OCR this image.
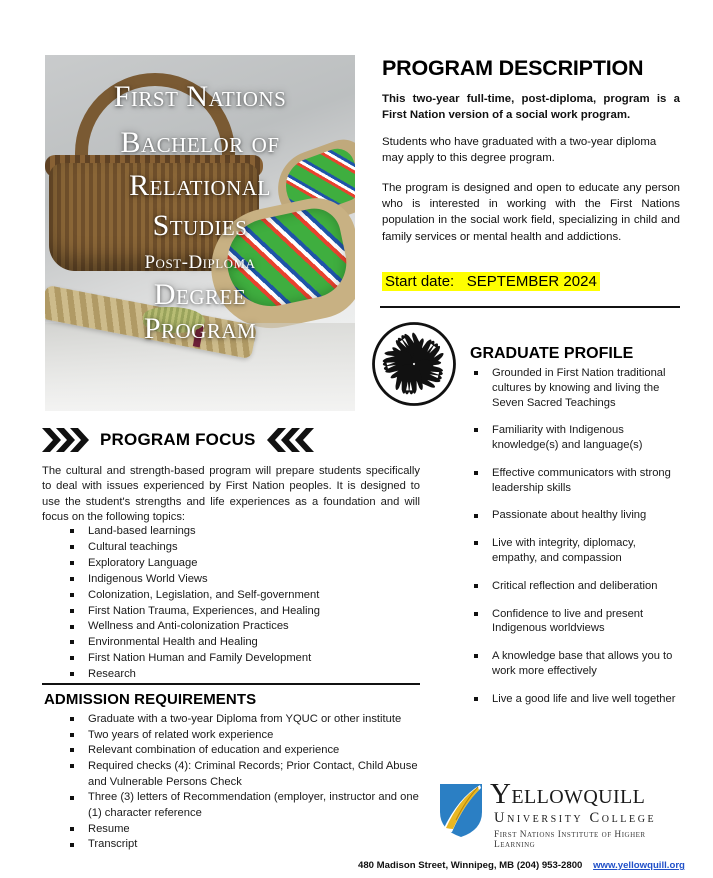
First Nations
Bachelor of
Relational
Studies
Post-Diploma
Degree
Program
PROGRAM DESCRIPTION
This two-year full-time, post-diploma, program is a First Nation version of a social work program.
Students who have graduated with a two-year diploma may apply to this degree program.
The program is designed and open to educate any person who is interested in working with the First Nations population in the social work field, specializing in child and family services or mental health and addictions.
Start date: SEPTEMBER 2024
GRADUATE PROFILE
Grounded in First Nation traditional cultures by knowing and living the Seven Sacred Teachings
Familiarity with Indigenous knowledge(s) and language(s)
Effective communicators with strong leadership skills
Passionate about healthy living
Live with integrity, diplomacy, empathy, and compassion
Critical reflection and deliberation
Confidence to live and present Indigenous worldviews
A knowledge base that allows you to work more effectively
Live a good life and live well together
PROGRAM FOCUS
The cultural and strength-based program will prepare students specifically to deal with issues experienced by First Nation peoples. It is designed to use the student's strengths and life experiences as a foundation and will focus on the following topics:
Land-based learnings
Cultural teachings
Exploratory Language
Indigenous World Views
Colonization, Legislation, and Self-government
First Nation Trauma, Experiences, and Healing
Wellness and Anti-colonization Practices
Environmental Health and Healing
First Nation Human and Family Development
Research
ADMISSION REQUIREMENTS
Graduate with a two-year Diploma from YQUC or other institute
Two years of related work experience
Relevant combination of education and experience
Required checks (4): Criminal Records; Prior Contact, Child Abuse and Vulnerable Persons Check
Three (3) letters of Recommendation (employer, instructor and one (1) character reference
Resume
Transcript
Yellowquill
University College
First Nations Institute of Higher Learning
480 Madison Street, Winnipeg, MB (204) 953-2800 www.yellowquill.org
